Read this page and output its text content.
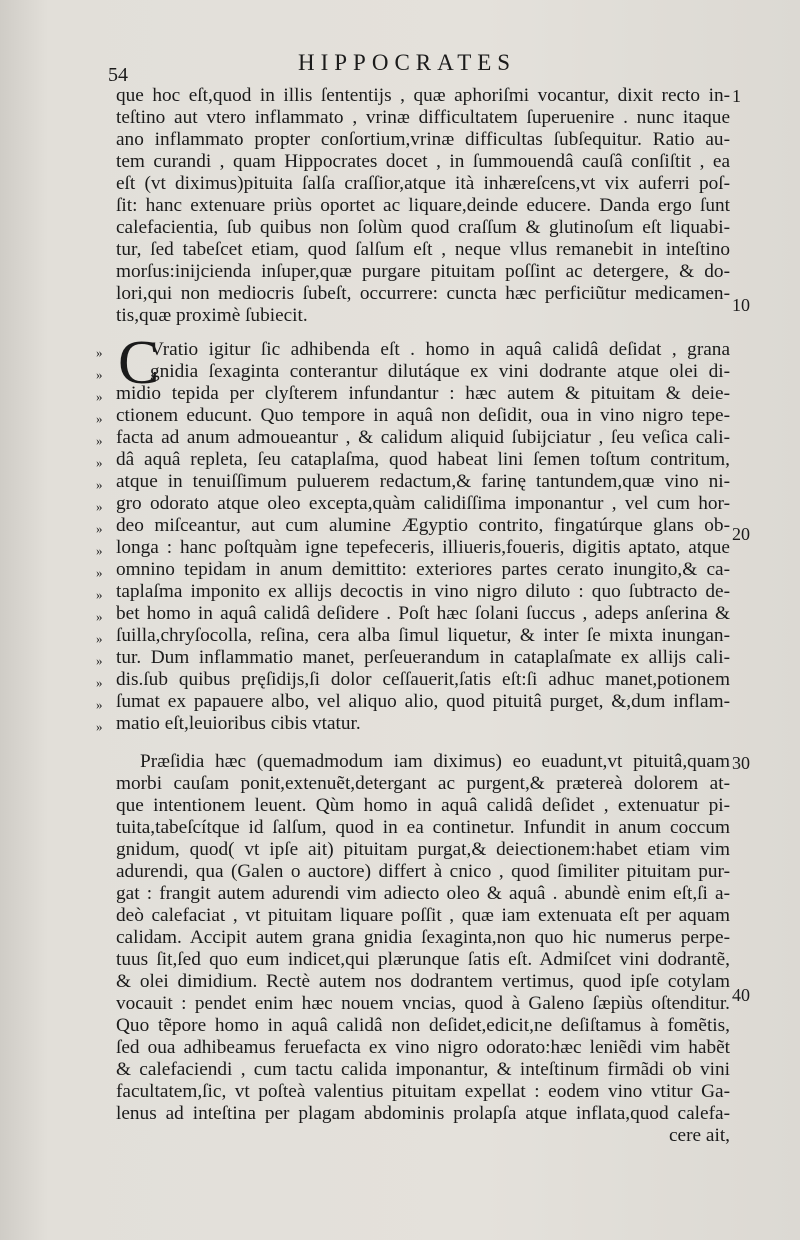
54	HIPPOCRATES
que hoc eſt,quod in illis ſententijs , quæ aphoriſmi vocantur, dixit recto in-
teſtino aut vtero inflammato , vrinæ difficultatem ſuperuenire . nunc itaque
ano inflammato propter conſortium,vrinæ difficultas ſubſequitur. Ratio au-
tem curandi , quam Hippocrates docet , in ſummouendâ cauſâ conſiſtit , ea
eſt (vt diximus)pituita ſalſa craſſior,atque ità inhæreſcens,vt vix auferri poſ-
ſit: hanc extenuare priùs oportet ac liquare,deinde educere. Danda ergo ſunt
calefacientia, ſub quibus non ſolùm quod craſſum & glutinoſum eſt liquabi-
tur, ſed tabeſcet etiam, quod ſalſum eſt , neque vllus remanebit in inteſtino
morſus:inijcienda inſuper,quæ purgare pituitam poſſint ac detergere, & do-
lori,qui non mediocris ſubeſt, occurrere: cuncta hæc perficiũtur medicamen-
tis,quæ proximè ſubiecit.
C
Vratio igitur ſic adhibenda eſt . homo in aquâ calidâ deſidat , grana
gnidia ſexaginta conterantur dilutáque ex vini dodrante atque olei di-
midio tepida per clyſterem infundantur : hæc autem & pituitam & deie-
ctionem educunt. Quo tempore in aquâ non deſidit, oua in vino nigro tepe-
facta ad anum admoueantur , & calidum aliquid ſubijciatur , ſeu veſica cali-
dâ aquâ repleta, ſeu cataplaſma, quod habeat lini ſemen toſtum contritum,
atque in tenuiſſimum puluerem redactum,& farinę tantundem,quæ vino ni-
gro odorato atque oleo excepta,quàm calidiſſima imponantur , vel cum hor-
deo miſceantur, aut cum alumine Ægyptio contrito, fingatúrque glans ob-
longa : hanc poſtquàm igne tepefeceris, illiueris,foueris, digitis aptato, atque
omnino tepidam in anum demittito: exteriores partes cerato inungito,& ca-
taplaſma imponito ex allijs decoctis in vino nigro diluto : quo ſubtracto de-
bet homo in aquâ calidâ deſidere . Poſt hæc ſolani ſuccus , adeps anſerina &
ſuilla,chryſocolla, reſina, cera alba ſimul liquetur, & inter ſe mixta inungan-
tur. Dum inflammatio manet, perſeuerandum in cataplaſmate ex allijs cali-
dis.ſub quibus pręſidijs,ſi dolor ceſſauerit,ſatis eſt:ſi adhuc manet,potionem
ſumat ex papauere albo, vel aliquo alio, quod pituitâ purget, &,dum inflam-
matio eſt,leuioribus cibis vtatur.
»
»
»
»
»
»
»
»
»
»
»
»
»
»
»
»
»
»
Præſidia hæc (quemadmodum iam diximus) eo euadunt,vt pituitâ,quam
morbi cauſam ponit,extenuẽt,detergant ac purgent,& prætereà dolorem at-
que intentionem leuent. Qùm homo in aquâ calidâ deſidet , extenuatur pi-
tuita,tabeſcítque id ſalſum, quod in ea continetur. Infundit in anum coccum
gnidum, quod( vt ipſe ait) pituitam purgat,& deiectionem:habet etiam vim
adurendi, qua (Galen o auctore) differt à cnico , quod ſimiliter pituitam pur-
gat : frangit autem adurendi vim adiecto oleo & aquâ . abundè enim eſt,ſi a-
deò calefaciat , vt pituitam liquare poſſit , quæ iam extenuata eſt per aquam
calidam. Accipit autem grana gnidia ſexaginta,non quo hic numerus perpe-
tuus ſit,ſed quo eum indicet,qui plærunque ſatis eſt. Admiſcet vini dodrantẽ,
& olei dimidium. Rectè autem nos dodrantem vertimus, quod ipſe cotylam
vocauit : pendet enim hæc nouem vncias, quod à Galeno ſæpiùs oſtenditur.
Quo tẽpore homo in aquâ calidâ non deſidet,edicit,ne deſiſtamus à fomẽtis,
ſed oua adhibeamus feruefacta ex vino nigro odorato:hæc leniẽdi vim habẽt
& calefaciendi , cum tactu calida imponantur, & inteſtinum firmãdi ob vini
facultatem,ſic, vt poſteà valentius pituitam expellat : eodem vino vtitur Ga-
lenus ad inteſtina per plagam abdominis prolapſa atque inflata,quod calefa-
cere ait,
1
10
20
30
40
